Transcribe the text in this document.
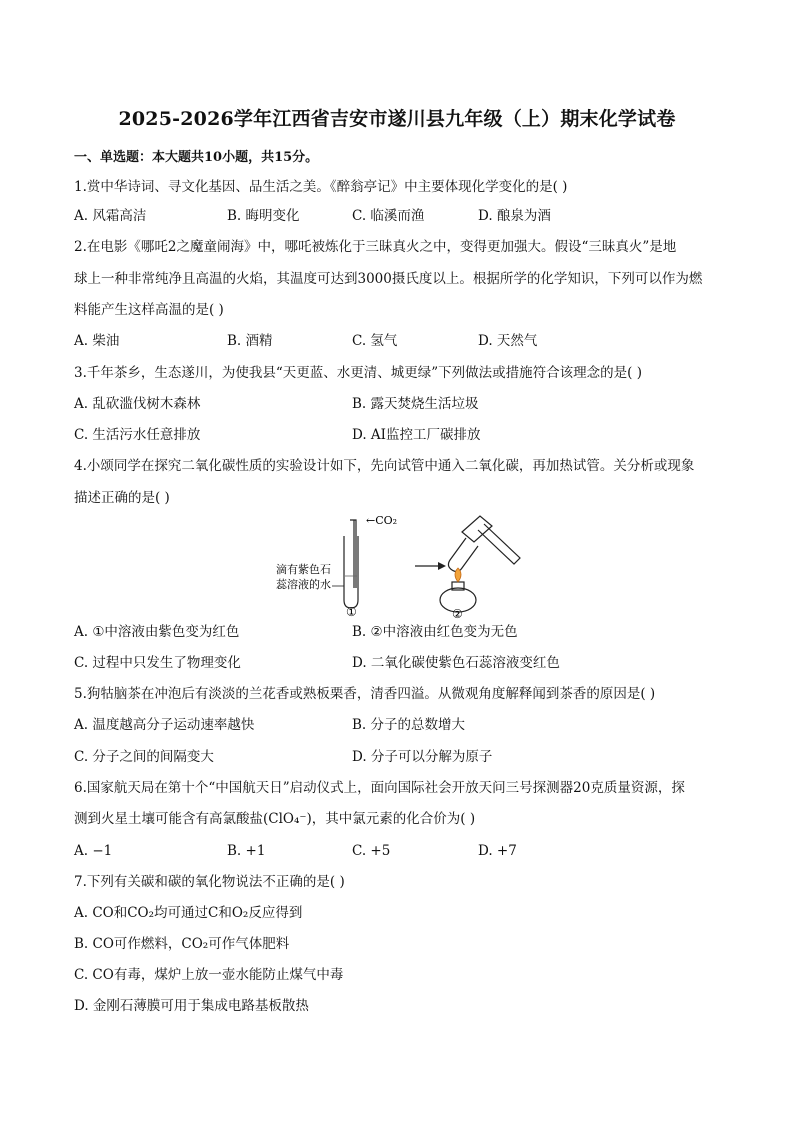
2025-2026学年江西省吉安市遂川县九年级（上）期末化学试卷
一、单选题：本大题共10小题，共15分。
1.赏中华诗词、寻文化基因、品生活之美。《醉翁亭记》中主要体现化学变化的是( )
A. 风霜高洁	B. 晦明变化	C. 临溪而渔	D. 酿泉为酒
2.在电影《哪吒2之魔童闹海》中，哪吒被炼化于三昧真火之中，变得更加强大。假设“三昧真火”是地
球上一种非常纯净且高温的火焰，其温度可达到3000摄氏度以上。根据所学的化学知识，下列可以作为燃
料能产生这样高温的是( )
A. 柴油	B. 酒精	C. 氢气	D. 天然气
3.千年茶乡，生态遂川，为使我县“天更蓝、水更清、城更绿”下列做法或措施符合该理念的是( )
A. 乱砍滥伐树木森林	B. 露天焚烧生活垃圾
C. 生活污水任意排放	D. AI监控工厂碳排放
4.小颂同学在探究二氧化碳性质的实验设计如下，先向试管中通入二氧化碳，再加热试管。关分析或现象
描述正确的是( )
←CO₂
滴有紫色石
蕊溶液的水
①	②
A. ①中溶液由紫色变为红色	B. ②中溶液由红色变为无色
C. 过程中只发生了物理变化	D. 二氧化碳使紫色石蕊溶液变红色
5.狗牯脑茶在冲泡后有淡淡的兰花香或熟板栗香，清香四溢。从微观角度解释闻到茶香的原因是( )
A. 温度越高分子运动速率越快	B. 分子的总数增大
C. 分子之间的间隔变大	D. 分子可以分解为原子
6.国家航天局在第十个“中国航天日”启动仪式上，面向国际社会开放天问三号探测器20克质量资源，探
测到火星土壤可能含有高氯酸盐(ClO₄⁻)，其中氯元素的化合价为( )
A. −1	B. +1	C. +5	D. +7
7.下列有关碳和碳的氧化物说法不正确的是( )
A. CO和CO₂均可通过C和O₂反应得到
B. CO可作燃料，CO₂可作气体肥料
C. CO有毒，煤炉上放一壶水能防止煤气中毒
D. 金刚石薄膜可用于集成电路基板散热
